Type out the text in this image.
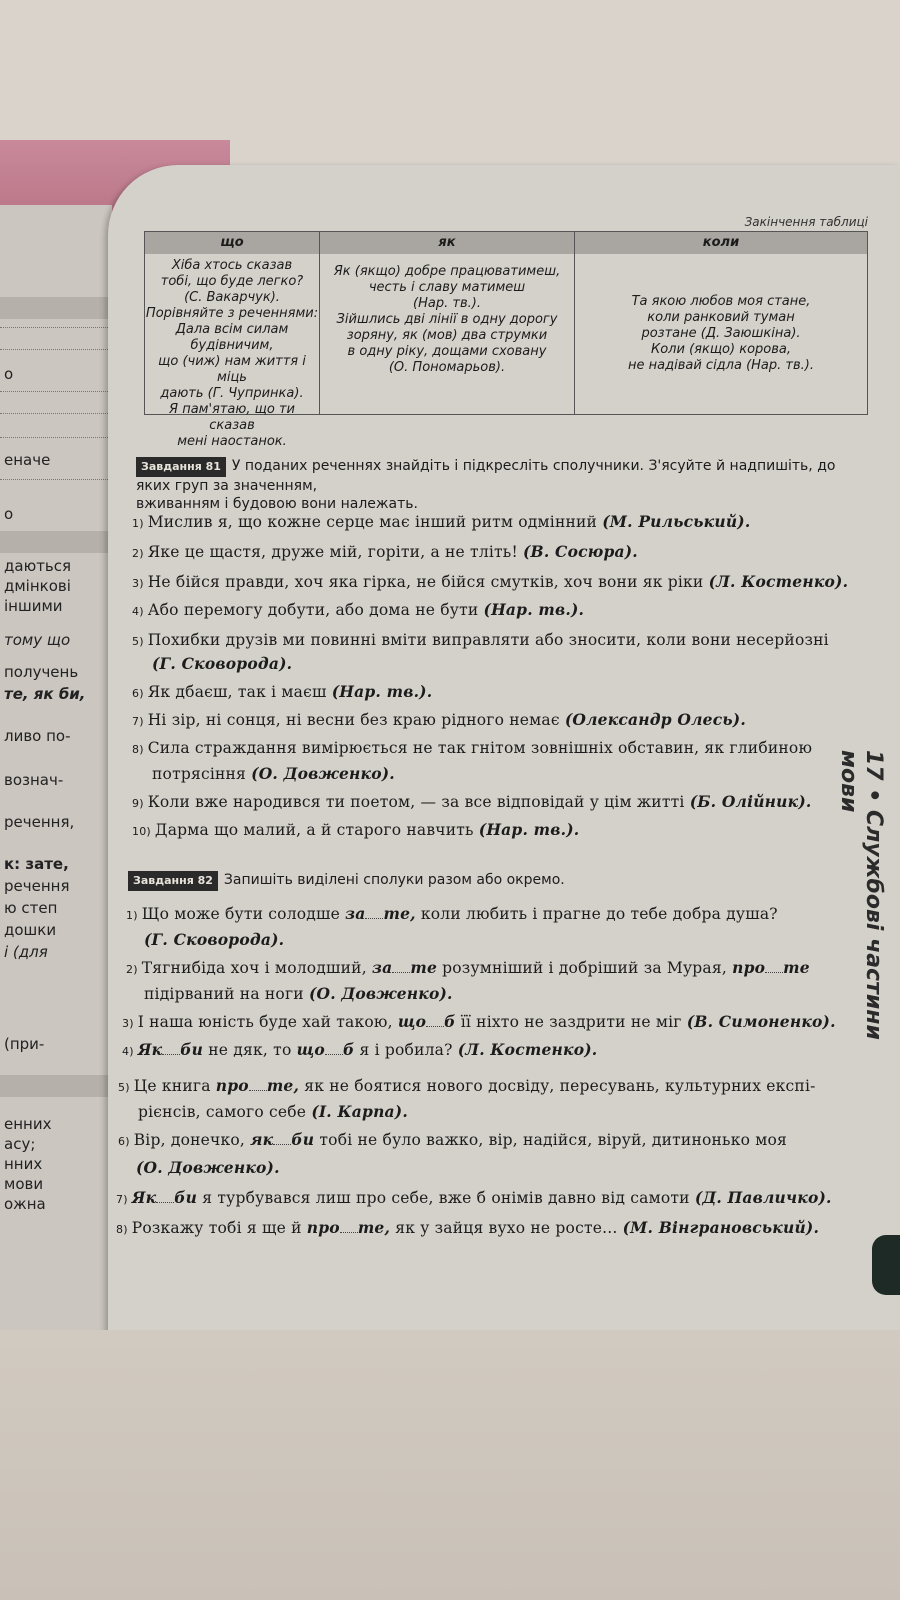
о
еначе
о
даються
дмінкові
іншими
тому що
получень
те, як би,
ливо по-
вознач-
речення,
к: зате,
речення
ю степ
дошки
і (для
(при-
енних
асу;
нних
мови
ожна
Закінчення таблиці
що
Хіба хтось сказав
тобі, що буде легко?
(С. Вакарчук).
Порівняйте з реченнями:
Дала всім силам будівничим,
що (чиж) нам життя і міць
дають (Г. Чупринка).
Я пам'ятаю, що ти сказав
мені наостанок.
як
Як (якщо) добре працюватимеш,
честь і славу матимеш
(Нар. тв.).
Зійшлись дві лінії в одну дорогу
зоряну, як (мов) два струмки
в одну ріку, дощами сховану
(О. Пономарьов).
коли
Та якою любов моя стане,
коли ранковий туман
розтане (Д. Заюшкіна).
Коли (якщо) корова,
не надівай сідла (Нар. тв.).
Завдання 81 У поданих реченнях знайдіть і підкресліть сполучники. З'ясуйте й надпишіть, до яких груп за значенням,
вживанням і будовою вони належать.
1) Мислив я, що кожне серце має інший ритм одмінний (М. Рильський).
2) Яке це щастя, друже мій, горіти, а не тліть! (В. Сосюра).
3) Не бійся правди, хоч яка гірка, не бійся смутків, хоч вони як ріки (Л. Костенко).
4) Або перемогу добути, або дома не бути (Нар. тв.).
5) Похибки друзів ми повинні вміти виправляти або зносити, коли вони несерйозні
(Г. Сковорода).
6) Як дбаєш, так і маєш (Нар. тв.).
7) Ні зір, ні сонця, ні весни без краю рідного немає (Олександр Олесь).
8) Сила страждання вимірюється не так гнітом зовнішніх обставин, як глибиною
потрясіння (О. Довженко).
9) Коли вже народився ти поетом, — за все відповідай у цім житті (Б. Олійник).
10) Дарма що малий, а й старого навчить (Нар. тв.).
Завдання 82 Запишіть виділені сполуки разом або окремо.
1) Що може бути солодше за те, коли любить і прагне до тебе добра душа?
(Г. Сковорода).
2) Тягнибіда хоч і молодший, за те розумніший і добріший за Мурая, про те
підірваний на ноги (О. Довженко).
3) І наша юність буде хай такою, що б її ніхто не заздрити не міг (В. Симоненко).
4) Як би не дяк, то що б я і робила? (Л. Костенко).
5) Це книга про те, як не боятися нового досвіду, пересувань, культурних експі-
рієнсів, самого себе (І. Карпа).
6) Вір, донечко, як би тобі не було важко, вір, надійся, віруй, дитинонько моя
(О. Довженко).
7) Як би я турбувався лиш про себе, вже б онімів давно від самоти (Д. Павличко).
8) Розкажу тобі я ще й про те, як у зайця вухо не росте... (М. Вінграновський).
17 • Службові частини мови
